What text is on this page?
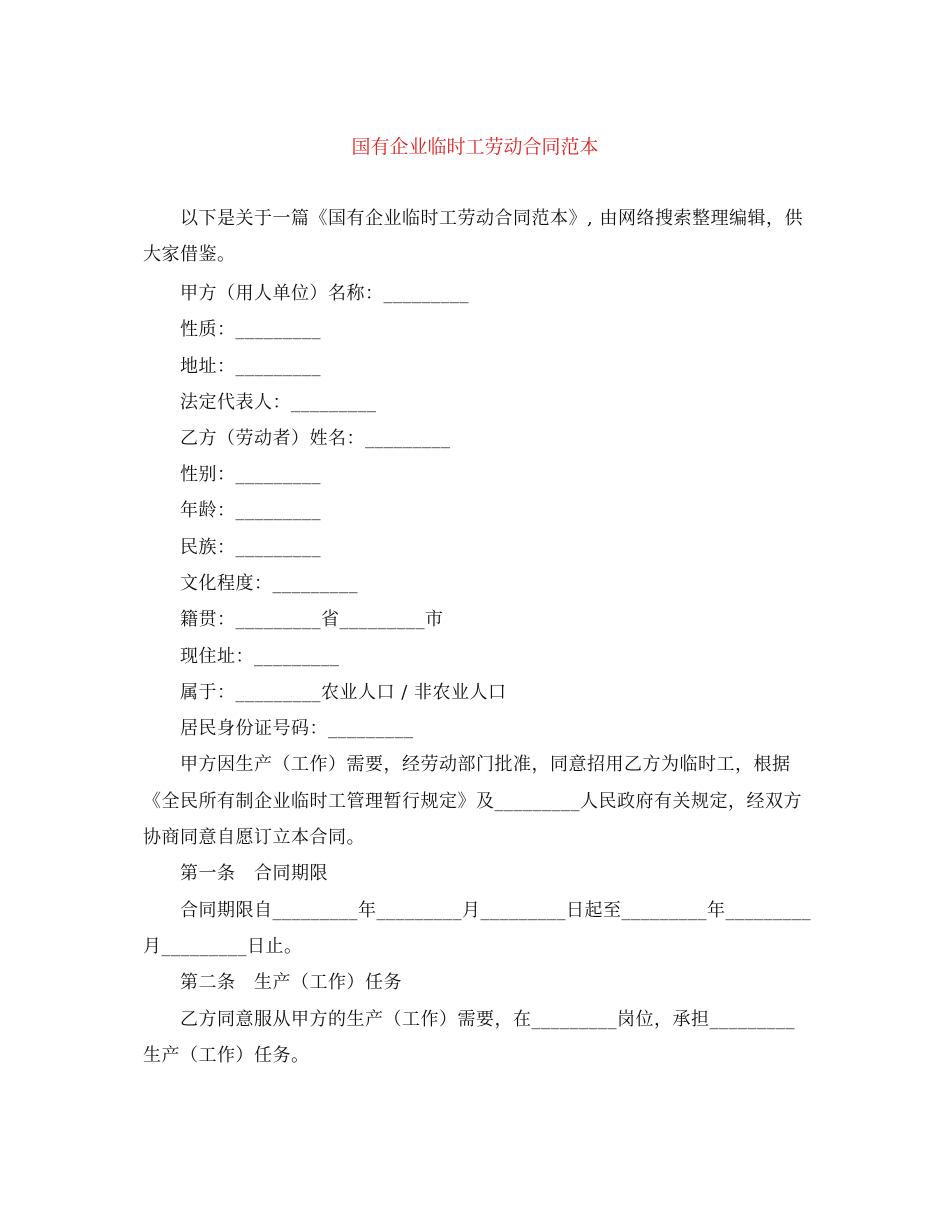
国有企业临时工劳动合同范本
以下是关于一篇《国有企业临时工劳动合同范本》, 由网络搜索整理编辑，供
大家借鉴。
甲方（用人单位）名称：_________
性质：_________
地址：_________
法定代表人：_________
乙方（劳动者）姓名：_________
性别：_________
年龄：_________
民族：_________
文化程度：_________
籍贯：_________省_________市
现住址：_________
属于：_________农业人口 / 非农业人口
居民身份证号码：_________
甲方因生产（工作）需要，经劳动部门批准，同意招用乙方为临时工，根据
《全民所有制企业临时工管理暂行规定》及_________人民政府有关规定，经双方
协商同意自愿订立本合同。
第一条　合同期限
合同期限自_________年_________月_________日起至_________年_________
月_________日止。
第二条　生产（工作）任务
乙方同意服从甲方的生产（工作）需要，在_________岗位，承担_________
生产（工作）任务。
